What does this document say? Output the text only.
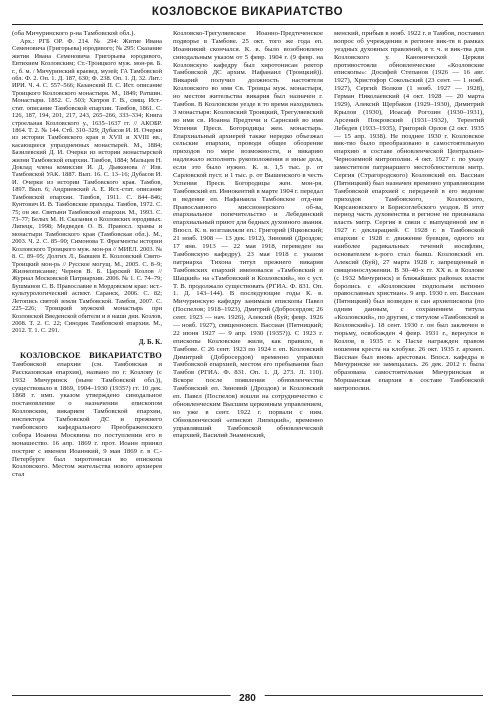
КОЗЛОВСКОЕ ВИКАРИАТСТВО

(оба Мичуринского р-на Тамбовской обл.).

Арх.: РГБ ОР. Ф. 214. № 294: Житие Ивана Семеновича (Григорьева) юродивого; № 295: Сказание жития Ивана Семеновича Григорьева юродивого, Евтихием Козловским; Ст.-Троицкого муж. мон-ря. Б. г., б. м. / Мичуринский краевед. музей; ГА Тамбовской обл. Ф. 2. Оп. 1. Д. 187, 630; Ф. 238. Оп. 1. Д. 32. Лит.: ИРИ. Ч. 4. С. 557–566; Казанский П. С. Ист. описание Троицкого Козловского монастыря. М., 1849; Ратшин. Монастыри. 1852. С. 503; Хитров Г. В., свящ. Ист.-стат. описание Тамбовской епархии. Тамбов, 1861. С. 126, 187, 194, 201, 217, 243, 265–266, 333–334; Книга строельная Козловского у., 1635–1637 гг. // АКОБР. 1864. Т. 2. № 144. Стб. 310–329; Дубасов И. И. Очерки из истории Тамбовского края в XVII и XVIII вв., касающиеся упраздненных монастырей. М., 1884; Базилевский Д. И. Очерки из истории монастырской жизни Тамбовской епархии. Тамбов, 1884; Мальцев Н. Доклад члена комиссии И. Д. Дьяконова // Изв. Тамбовской УАК. 1887. Вып. 16. С. 13–16; Дубасов И. И. Очерки из истории Тамбовского края. Тамбов, 1897. Вып. 6; Андриевский А. Е. Ист.-стат. описание Тамбовской епархии. Тамбов, 1911. С. 844–846; Кунтович И. В. Тамбовские приходы. Тамбов, 1972. С. 75; он же. Святыни Тамбовской епархии. М., 1993. С. 73–77; Белых М. Н. Сказания о Козловских юродивых. Липецк, 1998; Медведев О. В. Правосл. храмы и монастыри Тамбовского края (Тамбовская обл.). М., 2003. Ч. 2. С. 85–90; Симонова Т. Фрагменты истории Козловского Троицкого муж. мон-ря // МИЕЛ. 2003. № 8. С. 89–95; Долгих Л., Бывшев Е. Козловский Свято-Троицкий мон-рь // Русское могущ. М., 2005. С. 8–9; Жизнеописание; Чернов В. Б. Царский Козлов // Журнал Московской Патриархии. 2006. № 1. С. 74–79; Бушманов С. В. Православие в Мордовском крае: ист.-культурологический аспект. Саранск, 2006. С. 82; Летопись святой земли Тамбовской. Тамбов, 2007. С. 225–226; Троицкий мужской монастырь при Козловской Введенской обители и в наши дни. Козлов, 2008. Т. 2. С. 22; Синодик Тамбовской епархии. М., 2012. Т. 1. С. 291.

Д. Б. К.

КОЗЛОВСКОЕ ВИКАРИАТСТВО Тамбовской епархии (см. Тамбовская и Рассказовская епархия), названо по г. Козлову (с 1932 Мичуринск (ныне Тамбовской обл.)), существовало в 1869, 1904–1930 (1935?) гг. 10 дек. 1868 г. имп. указом утверждено синодальное постановление о назначении епископом Козловским, викарием Тамбовской епархии, инспектора Тамбовской ДС и прежнего тамбовского кафедрального Преображенского собора Иоанна Москвина по поступлении его в монашество. 16 апр. 1869 г. прот. Иоанн принял постриг с именем Иоаннкий, 9 мая 1869 г. в С.-Петербурге был хиротонисан во епископа Козловского. Местом жительства нового архиерея стал

Козловско-Трегуляевское Иоанно-Предтеченское подворье в Тамбове. 25 окт. того же года еп. Иоанникий скончался. К. в. было возобновлено синодальным указом от 5 февр. 1904 г. (9 февр. на Козловскую кафедру был хиротонисан ректор Тамбовской ДС архим. Нафанаил (Троицкий)). Викарий получил должность настоятеля Козловского во имя Св. Троицы муж. монастыря, но местом жительства викария был назначен г. Тамбов. В Козловском уезде в то время находились 3 монастыря: Козловский Троицкий, Трегуляевский во имя св. Иоанна Предтечи и Сарнский во имя Успения Пресв. Богородицы жен. монастырь. Епархиальный архиерей также нередко объезжал сельские епархии, проводя общее обозрение приходов по мере возможности, и викарию надлежало исполнять рукоположения и иные дела, если это было нужно. К. в. 1,5 тыс. р. от Сарловской пуст. и 1 тыс. р. от Вышенского в честь Успения Пресв. Богородицы жен. мон-ря. Тамбовский еп. Иннокентий в марте 1904 г. передал в ведение еп. Нафанаила Тамбовское отд-ние Православного миссионерского об-ва, епархиальное попечительство и Лебедянский епархиальный приют для бедных духовного звания. Впосл. К. в. возглавляли еп.: Григорий (Яцковский; 21 нояб. 1908 — 13 дек. 1912), Зиновий (Дроздов; 17 янв. 1913 — 22 мая 1918, переведен на Тамбовскую кафедру). 23 мая 1918 г. указом патриарха Тихона титул прежнего викария Тамбовских епархий именовался «Тамбовский и Шацкий» на «Тамбовский и Козловский», но с уст. Т. В. продолжало существовать (РГИА. Ф. 831. Оп. 1. Д. 143–144). В последующие годы К. в. Мичуринскую кафедру занимали епископы Павел (Поспелов; 1918–1923), Дмитрий (Добросердов; 26 сент. 1923 — нач. 1926), Алексий (Буй; февр. 1926 — нояб. 1927), священноисп. Вассиан (Пятницкий; 22 июня 1927 — 9 апр. 1930 (1935?)). С 1923 г. епископы Козловские жили, как правило, в Тамбове. С 26 сент. 1923 по 1924 г. еп. Козловский Димитрий (Добросердов) временно управлял Тамбовской епархией, местом его пребывания был Тамбов (РГИА. Ф. 831. Оп. 1. Д. 273. Л. 110). Вскоре после появления обновленчества Тамбовский еп. Зиновий (Дроздов) и Козловский еп. Павел (Поспелов) вошли на сотрудничество с обновленческим Высшим церковным управлением, но уже в сент. 1922 г. порвали с ним. Обновленческий «епископ Липецкий», временно управлявший Тамбовской обновленческой епархией, Василий Знаменский,

менский, прибыв в нояб. 1922 г. в Тамбов, поставил вопрос об учреждении в регионе вик-тв в рамках уездных духовных правлений, в т. ч. и вик-тва для Козловского у. Канонической Церкви противостояли обновленческие «Козловские епископы»: Досифей Степанов (1926 — 16 авг. 1927), Христофор Сокольский (23 сент. — 1 нояб. 1927), Сергий Волков (1 нояб. 1927 — 1928), Герман Николаевский (4 окт. 1928 — 20 марта 1929), Алексий Щербаков (1929–1930), Димитрий Крылов (1930), Иоасаф Рогозин (1930–1931), Арсений Покровский (1931–1932), Терентий Лебедев (1933–1935), Григорий Орлов (2 окт. 1935 — 15 апр. 1938). Не позднее 1930 г. Козловское вик-тво было преобразовано в самостоятельную епархию в составе обновленческой Центрально-Черноземной митрополии. 4 окт. 1927 г. по указу заместителя патриаршего местоблюстителя митр. Сергия (Страгородского) Козловский еп. Вассиан (Пятницкий) был назначен временно управляющим Тамбовской епархией с передачей в его ведение приходов Тамбовского, Козловского, Кирсановского и Борисоглебского уездов. В этот период часть духовенства в регионе не признавала власть митр. Сергия в связи с выпущенной им в 1927 г. декларацией. С 1928 г. в Тамбовской епархии с 1928 г. движение буевцев, одного из наиболее радикальных течений иосифлян, основателем к-рого стал бывш. Козловский еп. Алексий (Буй), 27 марта 1928 г. запрещенный в священнослужении. В 30–40-х гг. XX в. в Козлове (с 1932 Мичуринск) и ближайших районах власти боролись с «Козловским подпольем истинно православных христиан». 9 апр. 1930 г. еп. Вассиан (Пятницкий) был возведен в сан архиепископа (по одним данным, с сохранением титула «Козловский», по другим, с титулом «Тамбовский и Козловский»). 18 сент. 1930 г. он был заключен в тюрьму, освобожден 4 февр. 1931 г., вернулся в Козлов, в 1935 г. к Пасхе награжден правом ношения креста на клобуке. 26 окт. 1935 г. архиеп. Вассиан был вновь арестован. Впосл. кафедра в Мичуринске не замещалась. 26 дек. 2012 г. была образована самостоятельная Мичуринская и Моршанская епархия в составе Тамбовской митрополии.

280
